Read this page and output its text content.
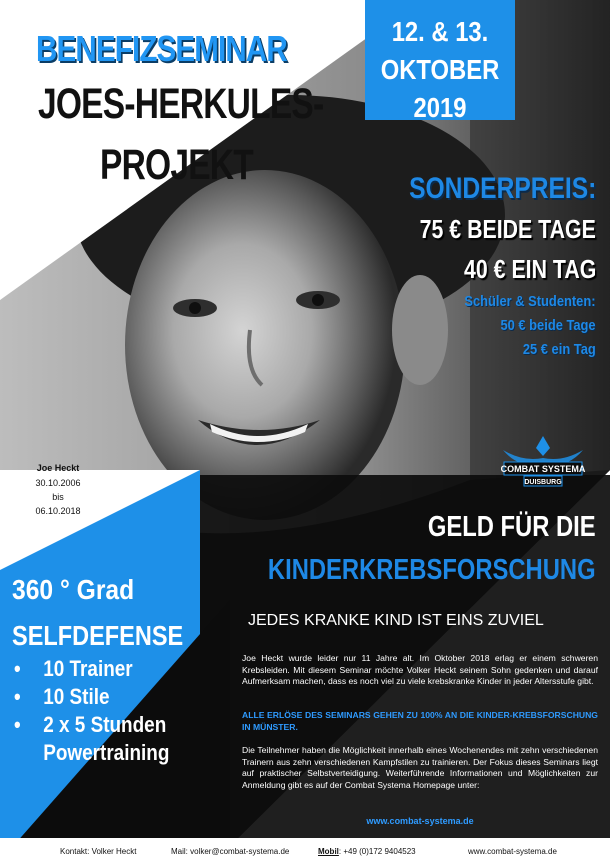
12. & 13.
OKTOBER
2019
BENEFIZSEMINAR
JOES-HERKULES-
PROJEKT	SONDERPREIS:
75 € BEIDE TAGE
40 € EIN TAG
Schüler & Studenten:
50 € beide Tage
25 € ein Tag
Joe Heckt
30.10.2006
bis
06.10.2018
COMBAT SYSTEMA
DUISBURG
GELD FÜR DIE
KINDERKREBSFORSCHUNG
JEDES KRANKE KIND IST EINS ZUVIEL
Joe Heckt wurde leider nur 11 Jahre alt. Im Oktober 2018 erlag er einem schweren Krebsleiden. Mit diesem Seminar möchte Volker Heckt seinem Sohn gedenken und darauf Aufmerksam machen, dass es noch viel zu viele krebskranke Kinder in jeder Altersstufe gibt.
ALLE ERLÖSE DES SEMINARS GEHEN ZU 100% AN DIE KINDER-KREBSFORSCHUNG IN MÜNSTER.
Die Teilnehmer haben die Möglichkeit innerhalb eines Wochenendes mit zehn verschiedenen Trainern aus zehn verschiedenen Kampfstilen zu trainieren. Der Fokus dieses Seminars liegt auf praktischer Selbstverteidigung. Weiterführende Informationen und Möglichkeiten zur Anmeldung gibt es auf der Combat Systema Homepage unter:
www.combat-systema.de
360 ° Grad
SELFDEFENSE
• 10 Trainer
• 10 Stile
• 2 x 5 Stunden
Powertraining
Kontakt: Volker Heckt	Mail: volker@combat-systema.de	Mobil: +49 (0)172 9404523	www.combat-systema.de
